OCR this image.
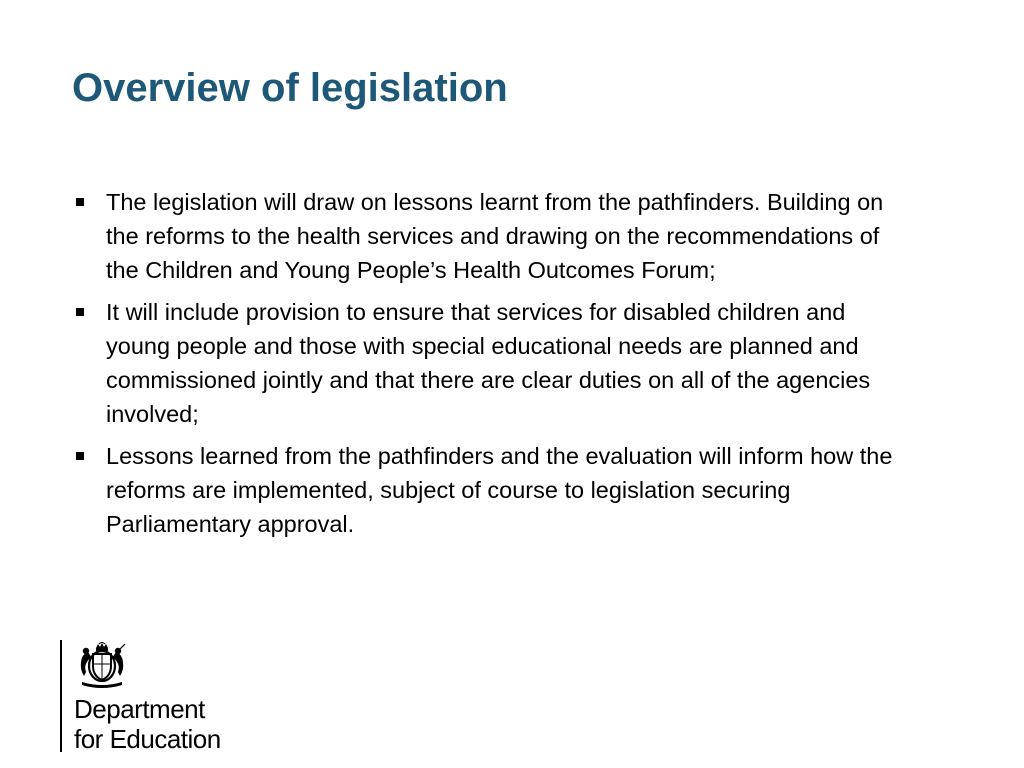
Overview of legislation
The legislation will draw on lessons learnt from the pathfinders. Building on the reforms to the health services and drawing on the recommendations of the Children and Young People’s Health Outcomes Forum;
It will include provision to ensure that services for disabled children and young people and those with special educational needs are planned and commissioned jointly and that there are clear duties on all of the agencies involved;
Lessons learned from the pathfinders and the evaluation will inform how the reforms are implemented, subject of course to legislation securing Parliamentary approval.
Department
for Education
